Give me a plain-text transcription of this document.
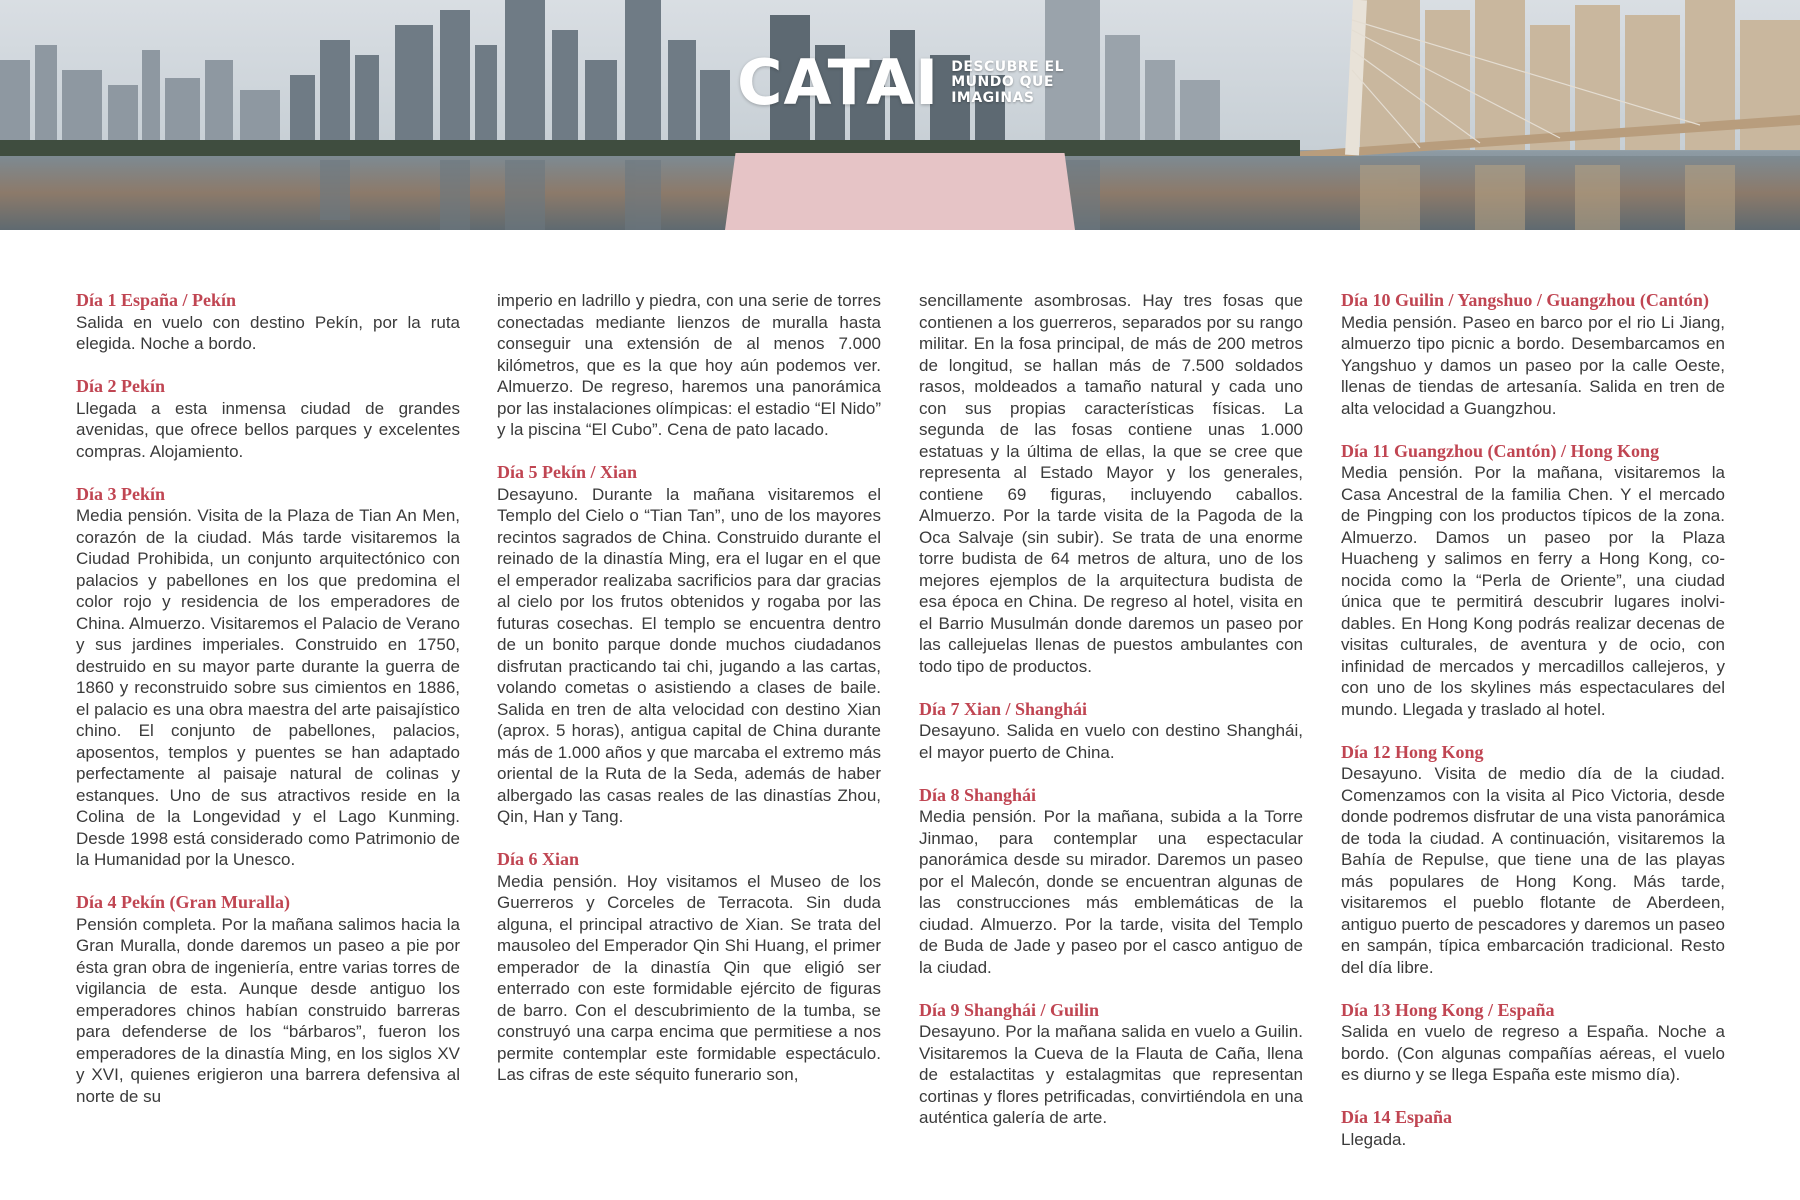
CATAI DESCUBRE EL
MUNDO QUE
IMAGINAS
Día 1 España / Pekín

Salida en vuelo con destino Pekín, por la ruta elegida. Noche a bordo.

Día 2 Pekín

Llegada a esta inmensa ciudad de grandes avenidas, que ofrece bellos parques y excelentes compras. Alojamiento.

Día 3 Pekín

Media pensión. Visita de la Plaza de Tian An Men, corazón de la ciudad. Más tarde visitaremos la Ciudad Prohibida, un conjunto arquitectónico con palacios y pabellones en los que predomina el color rojo y residencia de los emperadores de China. Almuerzo. Visitaremos el Palacio de Verano y sus jardines imperiales. Construido en 1750, destruido en su mayor parte durante la guerra de 1860 y reconstruido sobre sus cimientos en 1886, el palacio es una obra maestra del arte paisajístico chino. El conjunto de pabellones, palacios, aposentos, templos y puentes se han adaptado perfectamente al paisaje natural de colinas y estanques. Uno de sus atractivos reside en la Colina de la Longevidad y el Lago Kunming. Desde 1998 está considerado como Patrimonio de la Humanidad por la Unesco.

Día 4 Pekín (Gran Muralla)

Pensión completa. Por la mañana salimos hacia la Gran Muralla, donde daremos un paseo a pie por ésta gran obra de ingeniería, entre varias torres de vigilancia de esta. Aunque desde antiguo los emperadores chinos habían construido barreras para defenderse de los “bárbaros”, fueron los emperadores de la dinastía Ming, en los siglos XV y XVI, quienes erigieron una barrera defensiva al norte de su

imperio en ladrillo y piedra, con una serie de torres conectadas mediante lienzos de muralla hasta conseguir una extensión de al menos 7.000 kilómetros, que es la que hoy aún podemos ver. Almuerzo. De regreso, haremos una panorámica por las instalaciones olímpicas: el estadio “El Nido” y la piscina “El Cubo”. Cena de pato lacado.

Día 5 Pekín / Xian

Desayuno. Durante la mañana visitaremos el Templo del Cielo o “Tian Tan”, uno de los mayores recintos sagrados de China. Construido durante el reinado de la dinastía Ming, era el lugar en el que el emperador realizaba sacrificios para dar gracias al cielo por los frutos obtenidos y rogaba por las futuras cosechas. El templo se encuentra dentro de un bonito parque donde muchos ciudadanos disfrutan practicando tai chi, jugando a las cartas, volando cometas o asistiendo a clases de baile. Salida en tren de alta velocidad con destino Xian (aprox. 5 horas), antigua capital de China durante más de 1.000 años y que marcaba el extremo más oriental de la Ruta de la Seda, además de haber albergado las casas reales de las dinastías Zhou, Qin, Han y Tang.

Día 6 Xian

Media pensión. Hoy visitamos el Museo de los Guerreros y Corceles de Terracota. Sin duda alguna, el principal atractivo de Xian. Se trata del mausoleo del Emperador Qin Shi Huang, el primer emperador de la dinastía Qin que eligió ser enterrado con este formidable ejército de figuras de barro. Con el descubrimiento de la tumba, se construyó una carpa encima que permitiese a nos permite contemplar este formidable espectáculo. Las cifras de este séquito funerario son,

sencillamente asombrosas. Hay tres fosas que contienen a los guerreros, separados por su rango militar. En la fosa principal, de más de 200 metros de longitud, se hallan más de 7.500 soldados rasos, moldeados a tamaño natural y cada uno con sus propias características físicas. La segunda de las fosas contiene unas 1.000 estatuas y la última de ellas, la que se cree que representa al Estado Mayor y los generales, contiene 69 figuras, incluyendo caballos. Almuerzo. Por la tarde visita de la Pagoda de la Oca Salvaje (sin subir). Se trata de una enorme torre budista de 64 metros de altura, uno de los mejores ejemplos de la arquitectura budista de esa época en China. De regreso al hotel, visita en el Barrio Musulmán donde daremos un paseo por las callejuelas llenas de puestos ambulantes con todo tipo de productos.

Día 7 Xian / Shanghái

Desayuno. Salida en vuelo con destino Shanghái, el mayor puerto de China.

Día 8 Shanghái

Media pensión. Por la mañana, subida a la Torre Jinmao, para contemplar una espectacular panorámica desde su mirador. Daremos un paseo por el Malecón, donde se encuentran algunas de las construcciones más emblemáticas de la ciudad. Almuerzo. Por la tarde, visita del Templo de Buda de Jade y paseo por el casco antiguo de la ciudad.

Día 9 Shanghái / Guilin

Desayuno. Por la mañana salida en vuelo a Guilin. Visitaremos la Cueva de la Flauta de Caña, llena de estalactitas y estalagmitas que representan cortinas y flores petrificadas, convirtiéndola en una auténtica galería de arte.

Día 10 Guilin / Yangshuo / Guangzhou (Cantón)

Media pensión. Paseo en barco por el rio Li Jiang, almuerzo tipo picnic a bordo. Desembarcamos en Yangshuo y damos un paseo por la calle Oeste, llenas de tiendas de artesanía. Salida en tren de alta velocidad a Guangzhou.

Día 11 Guangzhou (Cantón) / Hong Kong

Media pensión. Por la mañana, visitaremos la Casa Ancestral de la familia Chen. Y el mercado de Pingping con los productos típicos de la zona. Almuerzo. Damos un paseo por la Plaza Huacheng y salimos en ferry a Hong Kong, conocida como la “Perla de Oriente”, una ciudad única que te permitirá descubrir lugares inolvidables. En Hong Kong podrás realizar decenas de visitas culturales, de aventura y de ocio, con infinidad de mercados y mercadillos callejeros, y con uno de los skylines más espectaculares del mundo. Llegada y traslado al hotel.

Día 12 Hong Kong

Desayuno. Visita de medio día de la ciudad. Comenzamos con la visita al Pico Victoria, desde donde podremos disfrutar de una vista panorámica de toda la ciudad. A continuación, visitaremos la Bahía de Repulse, que tiene una de las playas más populares de Hong Kong. Más tarde, visitaremos el pueblo flotante de Aberdeen, antiguo puerto de pescadores y daremos un paseo en sampán, típica embarcación tradicional. Resto del día libre.

Día 13 Hong Kong / España

Salida en vuelo de regreso a España. Noche a bordo. (Con algunas compañías aéreas, el vuelo es diurno y se llega España este mismo día).

Día 14 España

Llegada.
